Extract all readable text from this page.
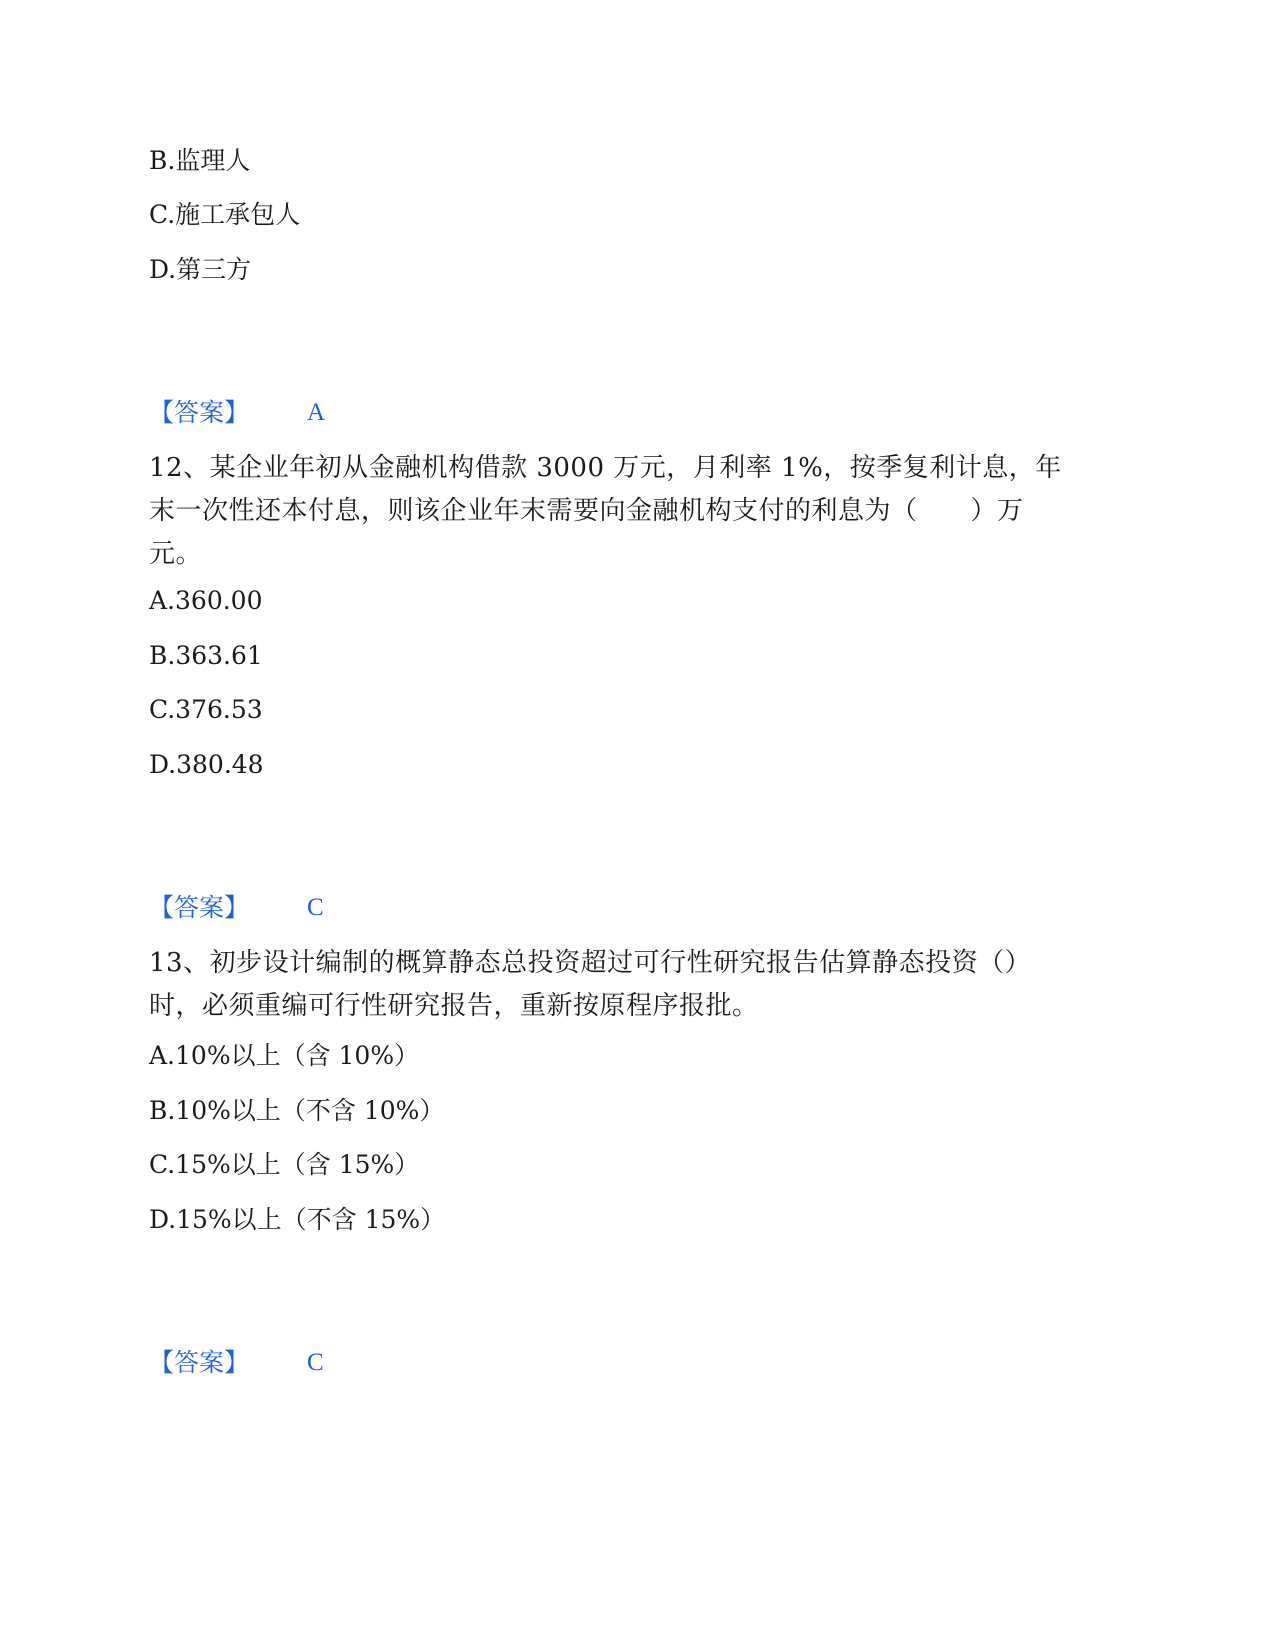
B.监理人
C.施工承包人
D.第三方
【答案】 A
12、某企业年初从金融机构借款 3000 万元，月利率 1%，按季复利计息，年
末一次性还本付息，则该企业年末需要向金融机构支付的利息为（　　）万
元。
A.360.00
B.363.61
C.376.53
D.380.48
【答案】 C
13、初步设计编制的概算静态总投资超过可行性研究报告估算静态投资（）
时，必须重编可行性研究报告，重新按原程序报批。
A.10%以上（含 10%）
B.10%以上（不含 10%）
C.15%以上（含 15%）
D.15%以上（不含 15%）
【答案】 C
